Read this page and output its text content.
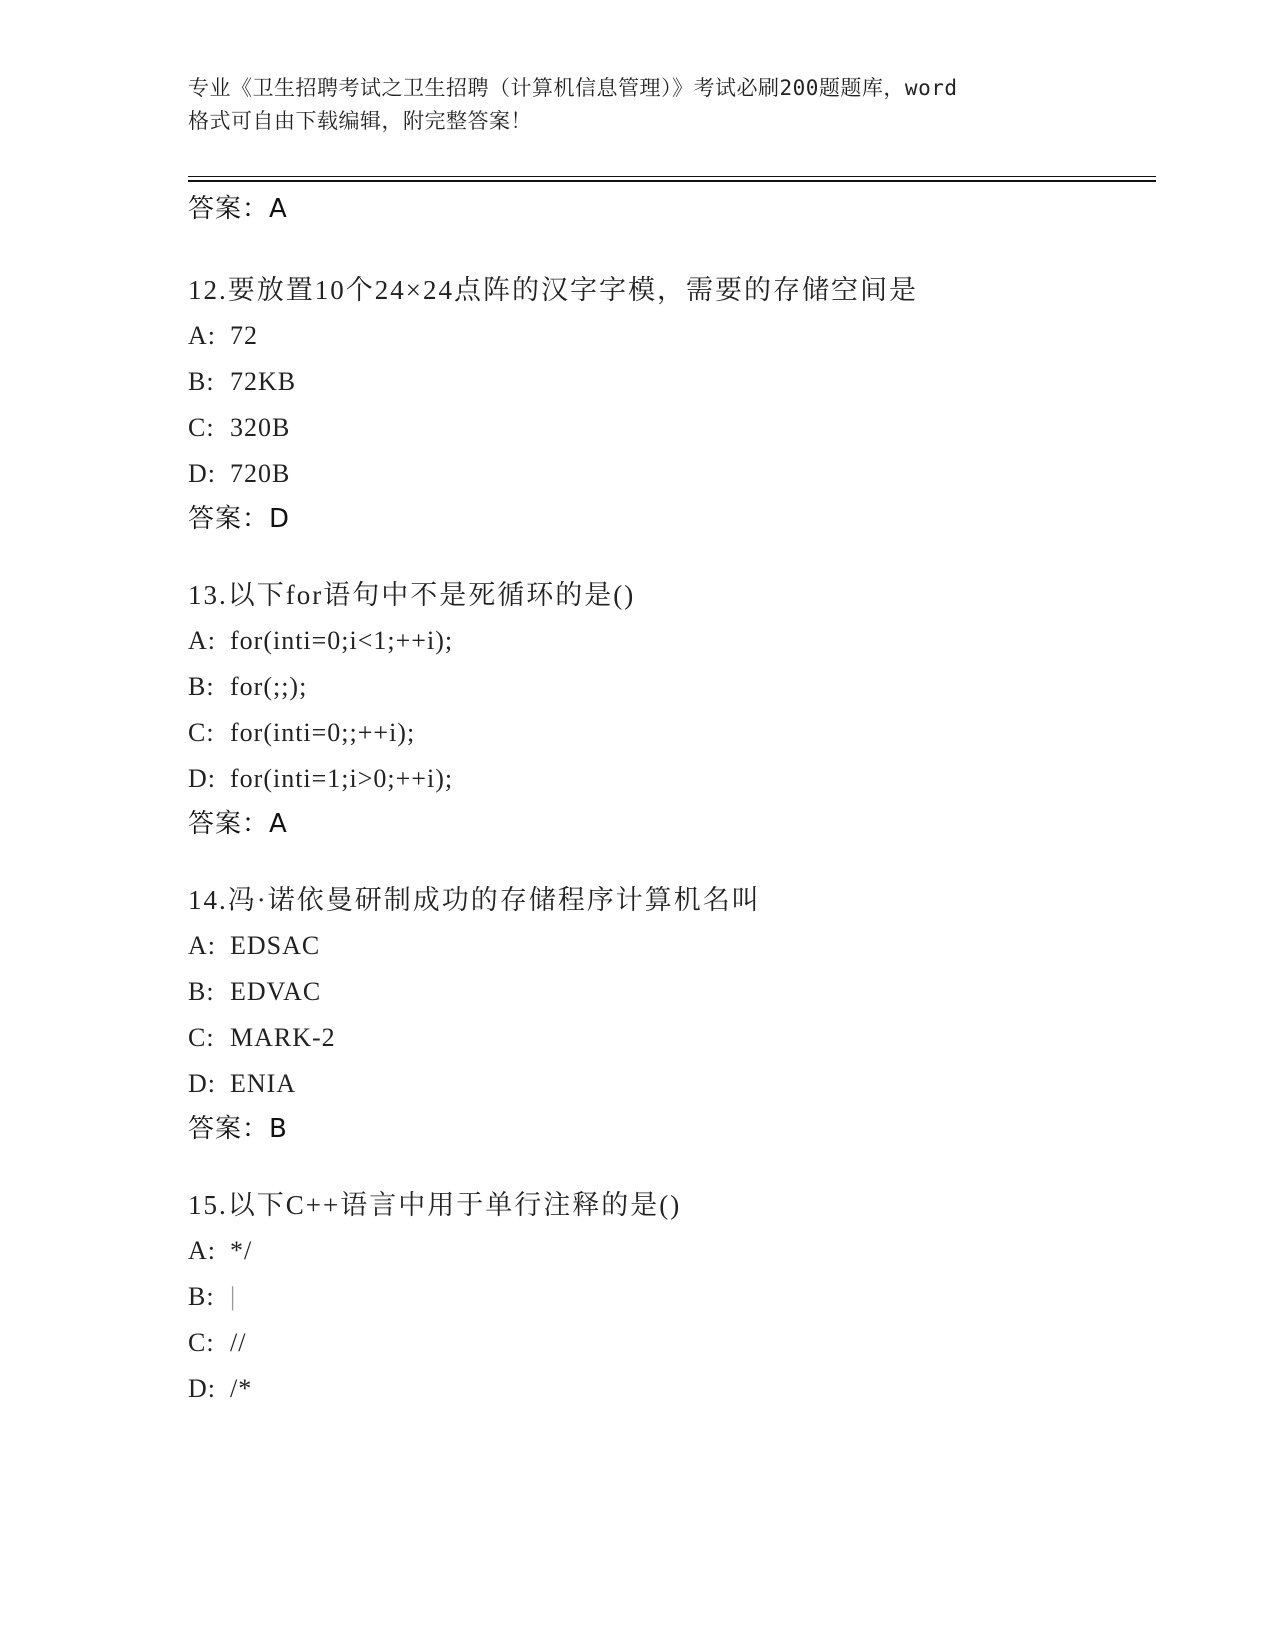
专业《卫生招聘考试之卫生招聘（计算机信息管理）》考试必刷200题题库，word
格式可自由下载编辑，附完整答案！
答案：A
12.要放置10个24×24点阵的汉字字模，需要的存储空间是
A: 72
B: 72KB
C: 320B
D: 720B
答案：D
13.以下for语句中不是死循环的是()
A: for(inti=0;i<1;++i);
B: for(;;);
C: for(inti=0;;++i);
D: for(inti=1;i>0;++i);
答案：A
14.冯·诺依曼研制成功的存储程序计算机名叫
A: EDSAC
B: EDVAC
C: MARK-2
D: ENIA
答案：B
15.以下C++语言中用于单行注释的是()
A: */
B: |
C: //
D: /*
